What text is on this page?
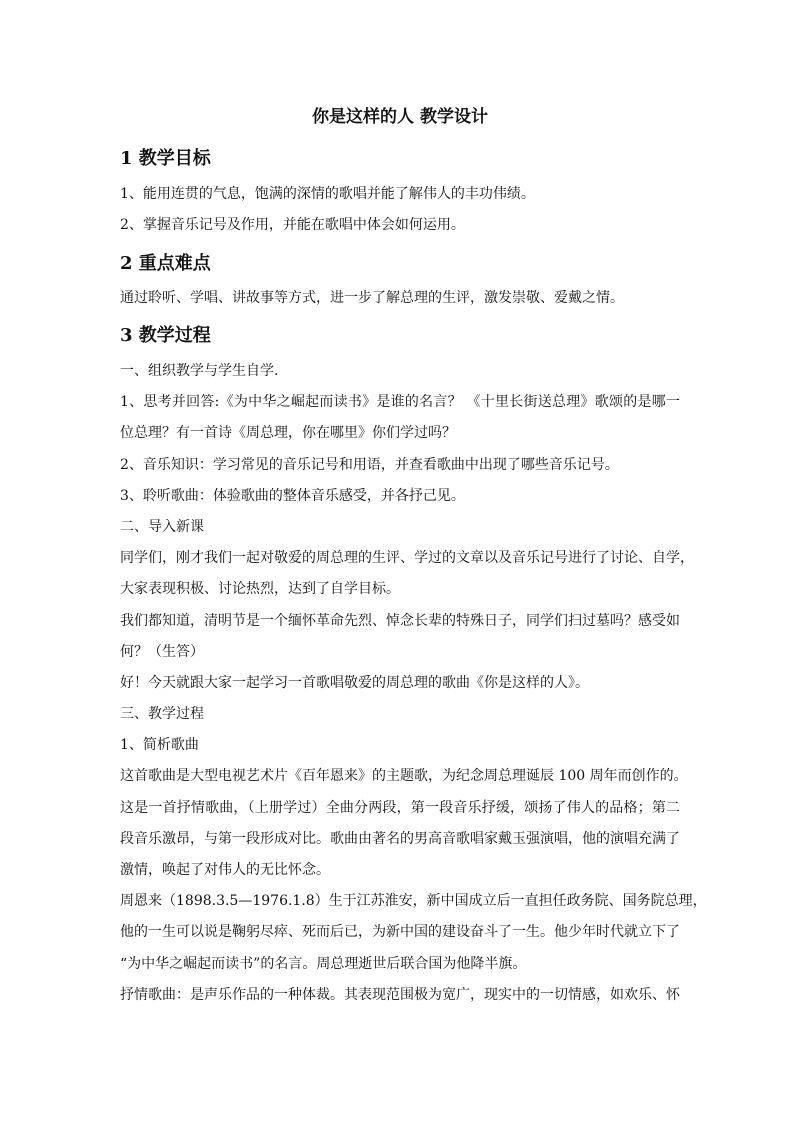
你是这样的人 教学设计
1 教学目标
1、能用连贯的气息，饱满的深情的歌唱并能了解伟人的丰功伟绩。
2、掌握音乐记号及作用，并能在歌唱中体会如何运用。
2 重点难点
通过聆听、学唱、讲故事等方式，进一步了解总理的生评，激发崇敬、爱戴之情。
3 教学过程
一、组织教学与学生自学.
1、思考并回答:《为中华之崛起而读书》是谁的名言？ 《十里长街送总理》歌颂的是哪一
位总理？有一首诗《周总理，你在哪里》你们学过吗？
2、音乐知识：学习常见的音乐记号和用语，并查看歌曲中出现了哪些音乐记号。
3、聆听歌曲：体验歌曲的整体音乐感受，并各抒己见。
二、导入新课
同学们，刚才我们一起对敬爱的周总理的生评、学过的文章以及音乐记号进行了讨论、自学，
大家表现积极、讨论热烈，达到了自学目标。
我们都知道，清明节是一个缅怀革命先烈、悼念长辈的特殊日子，同学们扫过墓吗？感受如
何？（生答）
好！今天就跟大家一起学习一首歌唱敬爱的周总理的歌曲《你是这样的人》。
三、教学过程
1、简析歌曲
这首歌曲是大型电视艺术片《百年恩来》的主题歌，为纪念周总理诞辰 100 周年而创作的。
这是一首抒情歌曲，（上册学过）全曲分两段，第一段音乐抒缓，颂扬了伟人的品格；第二
段音乐激昂，与第一段形成对比。歌曲由著名的男高音歌唱家戴玉强演唱，他的演唱充满了
激情，唤起了对伟人的无比怀念。
周恩来（1898.3.5—1976.1.8）生于江苏淮安，新中国成立后一直担任政务院、国务院总理，
他的一生可以说是鞠躬尽瘁、死而后已，为新中国的建设奋斗了一生。他少年时代就立下了
“为中华之崛起而读书”的名言。周总理逝世后联合国为他降半旗。
抒情歌曲：是声乐作品的一种体裁。其表现范围极为宽广，现实中的一切情感，如欢乐、怀
